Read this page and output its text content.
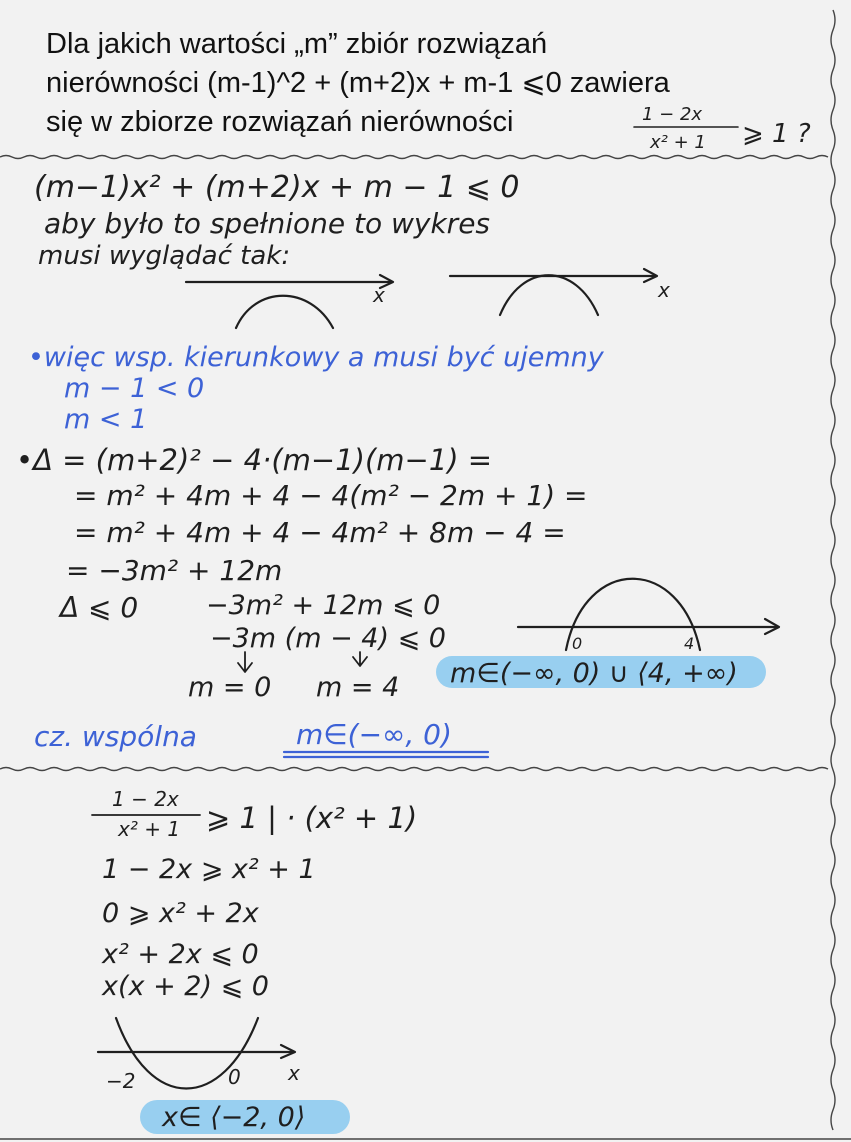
Dla jakich wartości „m” zbiór rozwiązań
nierówności (m-1)^2 + (m+2)x + m-1 ⩽0 zawiera
się w zbiorze rozwiązań nierówności	1 − 2x
x² + 1 ⩾ 1 ?
(m−1)x² + (m+2)x + m − 1 ⩽ 0
aby było to spełnione to wykres
musi wyglądać tak:
x	x
•więc wsp. kierunkowy a musi być ujemny
m − 1 < 0
m < 1
•Δ = (m+2)² − 4·(m−1)(m−1) =
= m² + 4m + 4 − 4(m² − 2m + 1) =
= m² + 4m + 4 − 4m² + 8m − 4 =
= −3m² + 12m
Δ ⩽ 0	−3m² + 12m ⩽ 0
−3m (m − 4) ⩽ 0
m = 0 m = 4
0	4
m∈(−∞, 0) ∪ ⟨4, +∞)
cz. wspólna	m∈(−∞, 0)
1 − 2x
x² + 1 ⩾ 1 | · (x² + 1)
1 − 2x ⩾ x² + 1
0 ⩾ x² + 2x
x² + 2x ⩽ 0
x(x + 2) ⩽ 0
−2	0 x
x∈ ⟨−2, 0⟩
